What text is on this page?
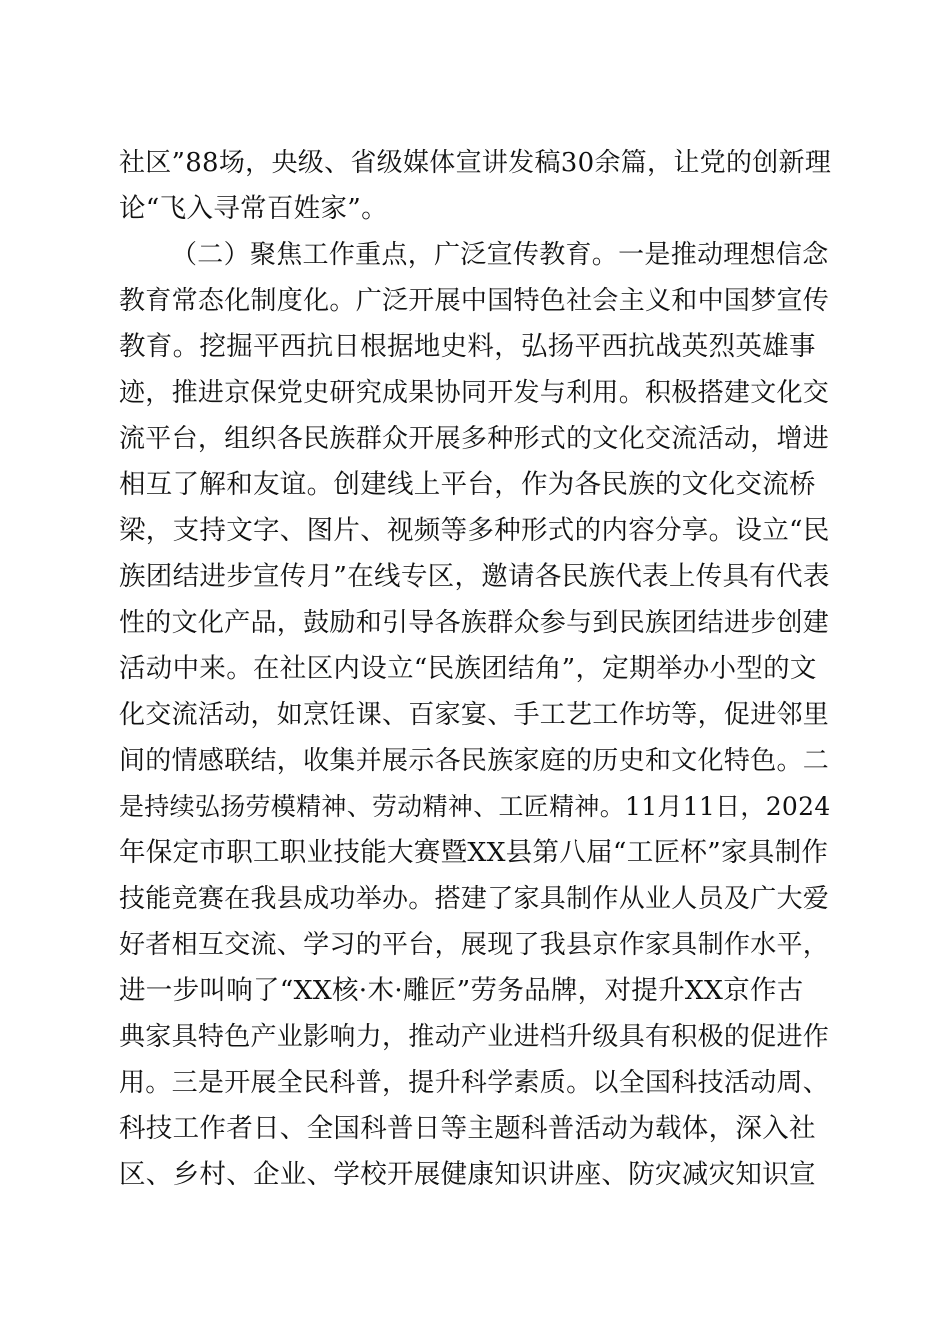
社区”88场，央级、省级媒体宣讲发稿30余篇，让党的创新理
论“飞入寻常百姓家”。
（二）聚焦工作重点，广泛宣传教育。一是推动理想信念
教育常态化制度化。广泛开展中国特色社会主义和中国梦宣传
教育。挖掘平西抗日根据地史料，弘扬平西抗战英烈英雄事
迹，推进京保党史研究成果协同开发与利用。积极搭建文化交
流平台，组织各民族群众开展多种形式的文化交流活动，增进
相互了解和友谊。创建线上平台，作为各民族的文化交流桥
梁，支持文字、图片、视频等多种形式的内容分享。设立“民
族团结进步宣传月”在线专区，邀请各民族代表上传具有代表
性的文化产品，鼓励和引导各族群众参与到民族团结进步创建
活动中来。在社区内设立“民族团结角”，定期举办小型的文
化交流活动，如烹饪课、百家宴、手工艺工作坊等，促进邻里
间的情感联结，收集并展示各民族家庭的历史和文化特色。二
是持续弘扬劳模精神、劳动精神、工匠精神。11月11日，2024
年保定市职工职业技能大赛暨XX县第八届“工匠杯”家具制作
技能竞赛在我县成功举办。搭建了家具制作从业人员及广大爱
好者相互交流、学习的平台，展现了我县京作家具制作水平，
进一步叫响了“XX核·木·雕匠”劳务品牌，对提升XX京作古
典家具特色产业影响力，推动产业进档升级具有积极的促进作
用。三是开展全民科普，提升科学素质。以全国科技活动周、
科技工作者日、全国科普日等主题科普活动为载体，深入社
区、乡村、企业、学校开展健康知识讲座、防灾减灾知识宣
